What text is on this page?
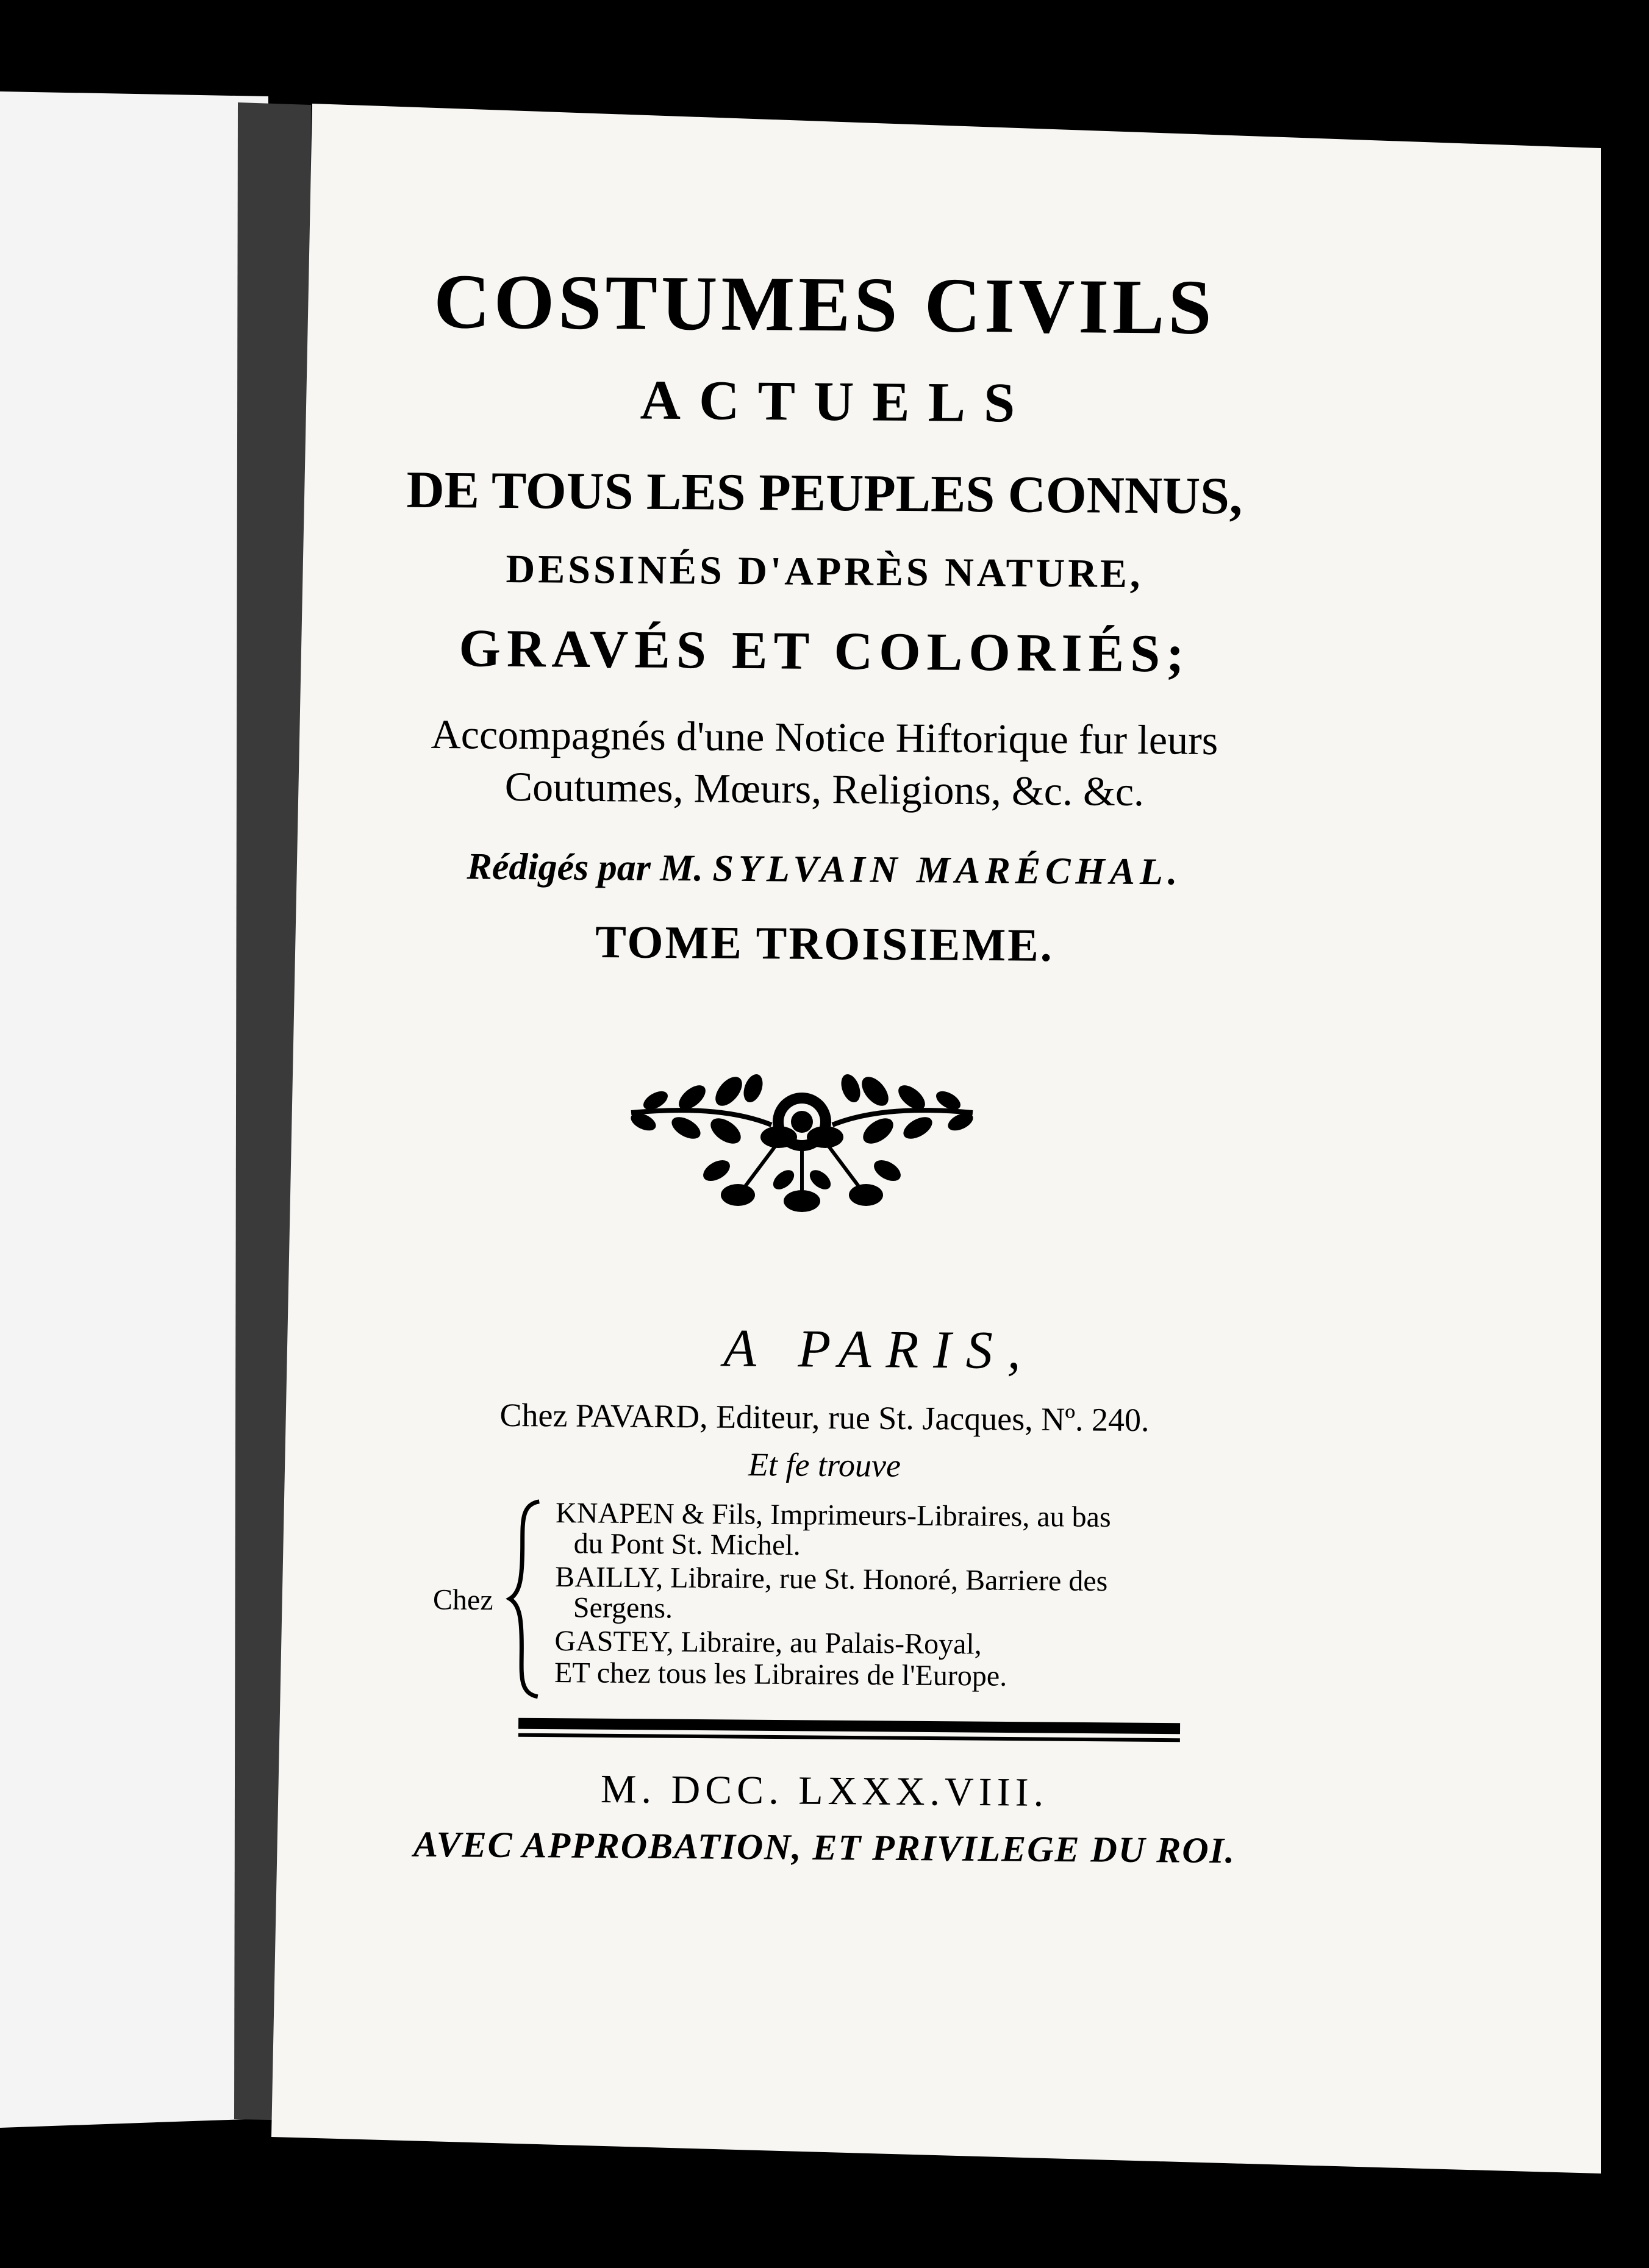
COSTUMES CIVILS
ACTUELS
DE TOUS LES PEUPLES CONNUS,
DESSINÉS D'APRÈS NATURE,
GRAVÉS ET COLORIÉS;
Accompagnés d'une Notice Hiftorique fur leurs
Coutumes, Mœurs, Religions, &c. &c.
Rédigés par M. SYLVAIN MARÉCHAL.
TOME TROISIEME.
A PARIS,
Chez PAVARD, Editeur, rue St. Jacques, Nº. 240.
Et fe trouve
Chez
KNAPEN & Fils, Imprimeurs-Libraires, au bas
du Pont St. Michel.
BAILLY, Libraire, rue St. Honoré, Barriere des
Sergens.
GASTEY, Libraire, au Palais-Royal,
ET chez tous les Libraires de l'Europe.
M. DCC. LXXX.VIII.
AVEC APPROBATION, ET PRIVILEGE DU ROI.
